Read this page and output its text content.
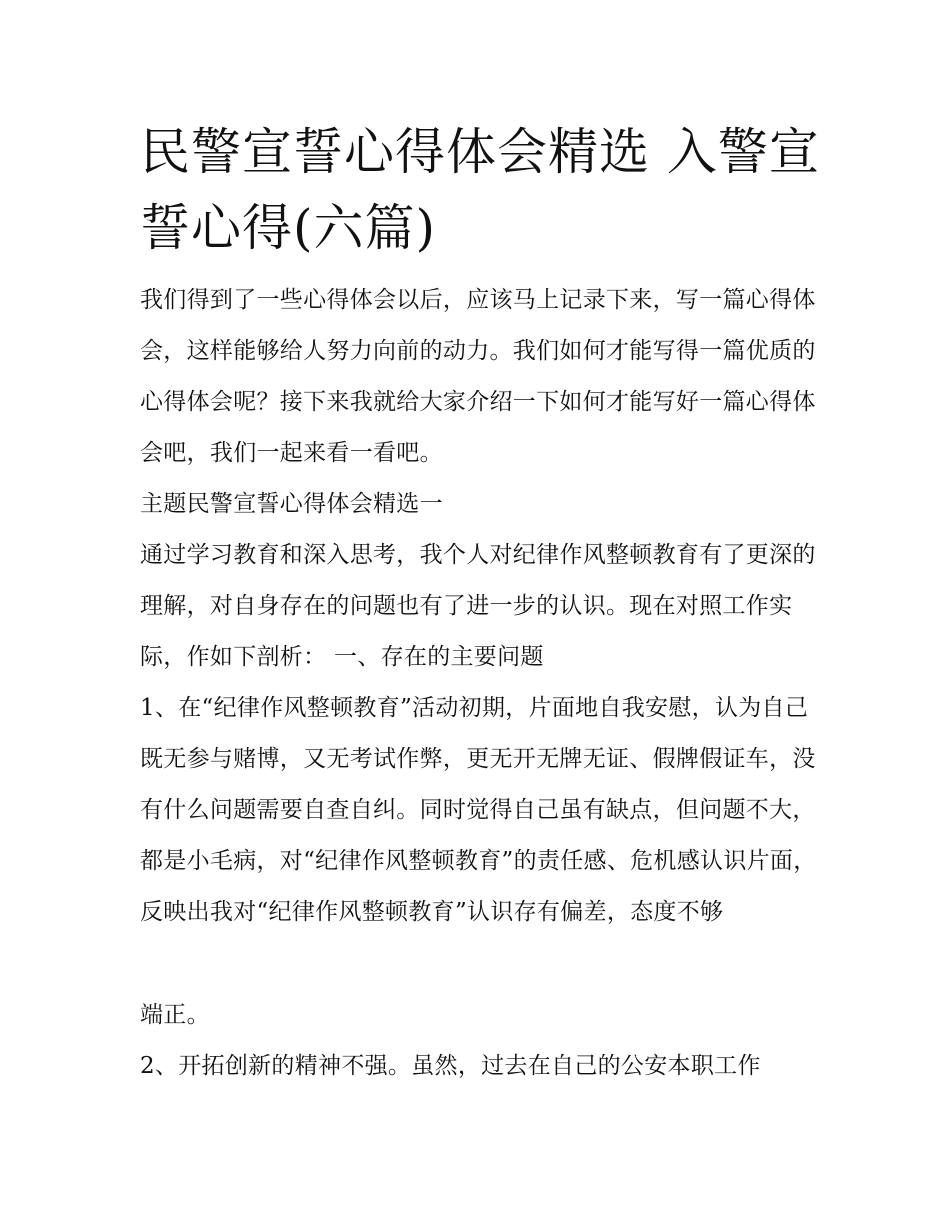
民警宣誓心得体会精选 入警宣誓心得(六篇)

我们得到了一些心得体会以后，应该马上记录下来，写一篇心得体会，这样能够给人努力向前的动力。我们如何才能写得一篇优质的心得体会呢？接下来我就给大家介绍一下如何才能写好一篇心得体会吧，我们一起来看一看吧。

主题民警宣誓心得体会精选一

通过学习教育和深入思考，我个人对纪律作风整顿教育有了更深的理解，对自身存在的问题也有了进一步的认识。现在对照工作实际，作如下剖析： 一、存在的主要问题

1、在“纪律作风整顿教育”活动初期，片面地自我安慰，认为自己既无参与赌博，又无考试作弊，更无开无牌无证、假牌假证车，没有什么问题需要自查自纠。同时觉得自己虽有缺点，但问题不大，都是小毛病，对“纪律作风整顿教育”的责任感、危机感认识片面，反映出我对“纪律作风整顿教育”认识存有偏差，态度不够

端正。

2、开拓创新的精神不强。虽然，过去在自己的公安本职工作
